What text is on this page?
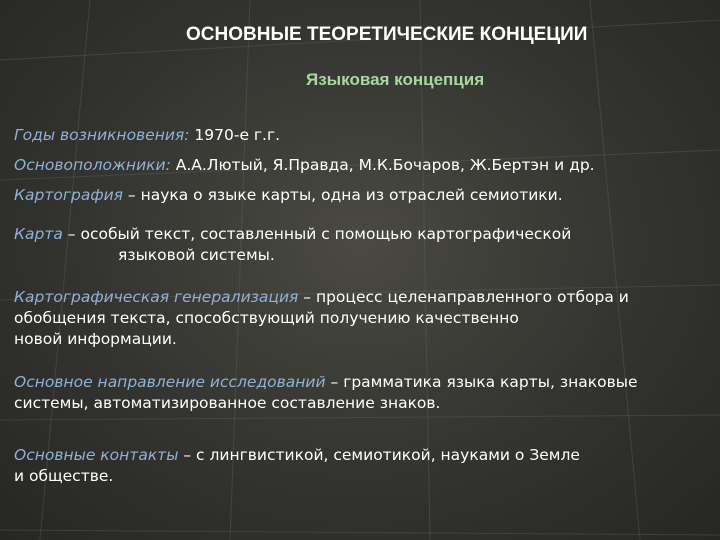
ОСНОВНЫЕ ТЕОРЕТИЧЕСКИЕ КОНЦЕЦИИ
Языковая концепция
Годы возникновения: 1970-е г.г.
Основоположники: А.А.Лютый, Я.Правда, М.К.Бочаров, Ж.Бертэн и др.
Картография – наука о языке карты, одна из отраслей семиотики.
Карта – особый текст, составленный с помощью картографической
языковой системы.
Картографическая генерализация – процесс целенаправленного отбора и
обобщения текста, способствующий получению качественно
новой информации.
Основное направление исследований – грамматика языка карты, знаковые
системы, автоматизированное составление знаков.
Основные контакты – с лингвистикой, семиотикой, науками о Земле
и обществе.
